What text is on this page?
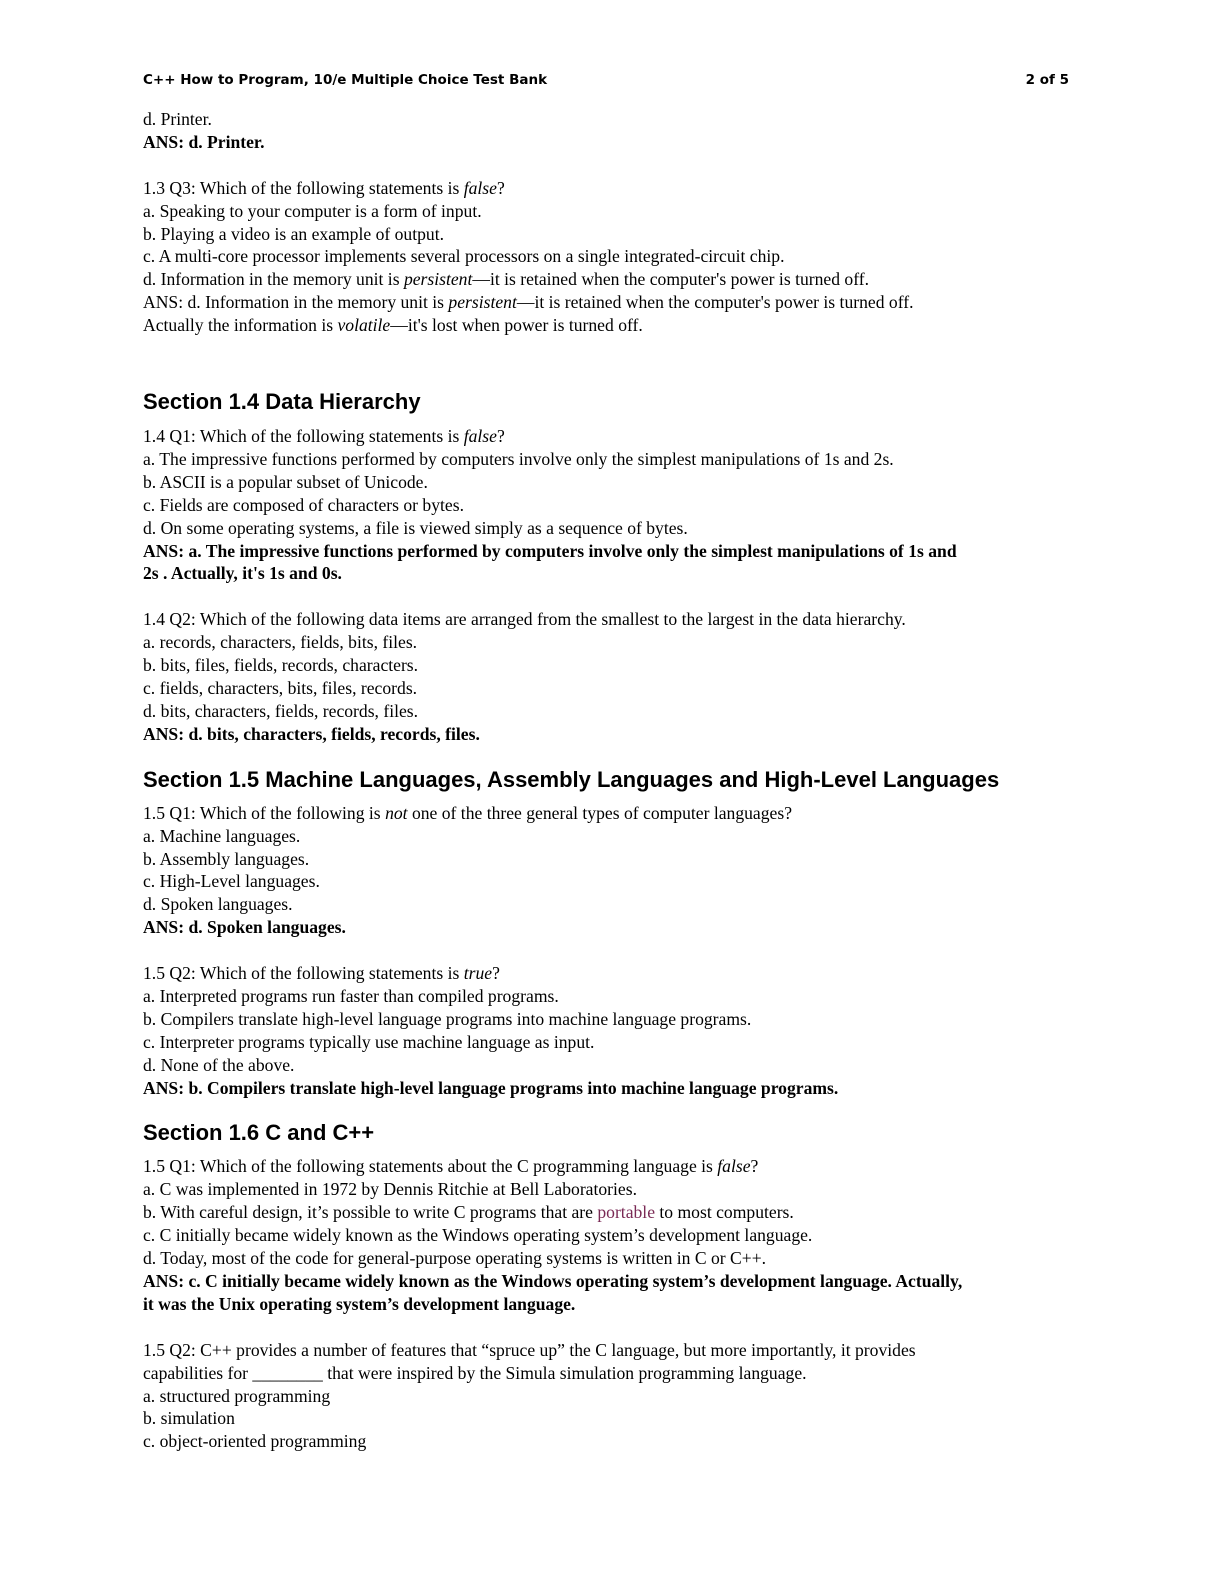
C++ How to Program, 10/e Multiple Choice Test Bank	2 of 5

d. Printer.

ANS: d. Printer.

1.3 Q3: Which of the following statements is false?

a. Speaking to your computer is a form of input.

b. Playing a video is an example of output.

c. A multi-core processor implements several processors on a single integrated-circuit chip.

d. Information in the memory unit is persistent—it is retained when the computer's power is turned off.

ANS: d. Information in the memory unit is persistent—it is retained when the computer's power is turned off.

Actually the information is volatile—it's lost when power is turned off.

Section 1.4 Data Hierarchy

1.4 Q1: Which of the following statements is false?

a. The impressive functions performed by computers involve only the simplest manipulations of 1s and 2s.

b. ASCII is a popular subset of Unicode.

c. Fields are composed of characters or bytes.

d. On some operating systems, a file is viewed simply as a sequence of bytes.

ANS: a. The impressive functions performed by computers involve only the simplest manipulations of 1s and

2s . Actually, it's 1s and 0s.

1.4 Q2: Which of the following data items are arranged from the smallest to the largest in the data hierarchy.

a. records, characters, fields, bits, files.

b. bits, files, fields, records, characters.

c. fields, characters, bits, files, records.

d. bits, characters, fields, records, files.

ANS: d. bits, characters, fields, records, files.

Section 1.5 Machine Languages, Assembly Languages and High-Level Languages

1.5 Q1: Which of the following is not one of the three general types of computer languages?

a. Machine languages.

b. Assembly languages.

c. High-Level languages.

d. Spoken languages.

ANS: d. Spoken languages.

1.5 Q2: Which of the following statements is true?

a. Interpreted programs run faster than compiled programs.

b. Compilers translate high-level language programs into machine language programs.

c. Interpreter programs typically use machine language as input.

d. None of the above.

ANS: b. Compilers translate high-level language programs into machine language programs.

Section 1.6 C and C++

1.5 Q1: Which of the following statements about the C programming language is false?

a. C was implemented in 1972 by Dennis Ritchie at Bell Laboratories.

b. With careful design, it’s possible to write C programs that are portable to most computers.

c. C initially became widely known as the Windows operating system’s development language.

d. Today, most of the code for general-purpose operating systems is written in C or C++.

ANS: c. C initially became widely known as the Windows operating system’s development language. Actually,

it was the Unix operating system’s development language.

1.5 Q2: C++ provides a number of features that “spruce up” the C language, but more importantly, it provides

capabilities for ________ that were inspired by the Simula simulation programming language.

a. structured programming

b. simulation

c. object-oriented programming
